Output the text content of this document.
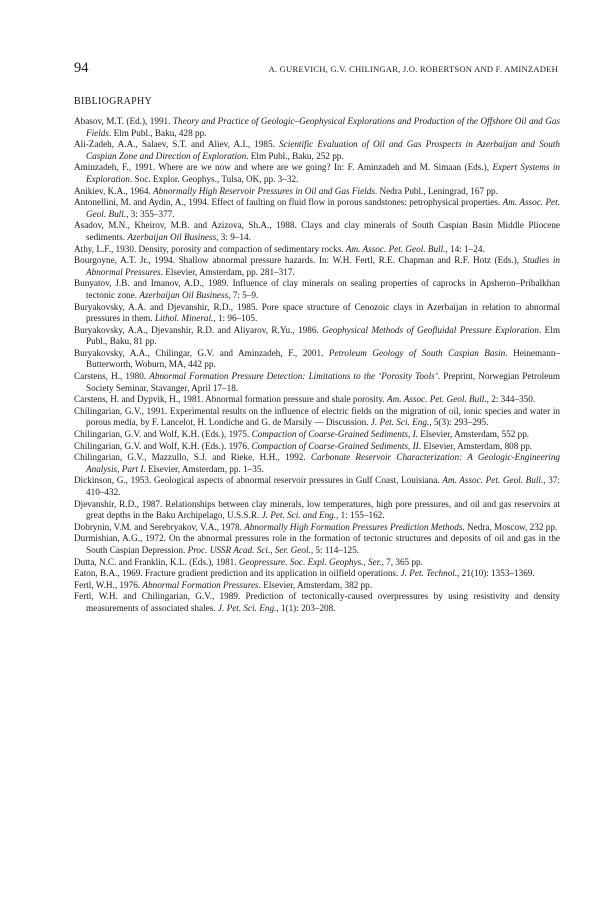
94	A. GUREVICH, G.V. CHILINGAR, J.O. ROBERTSON AND F. AMINZADEH
BIBLIOGRAPHY
Abasov, M.T. (Ed.), 1991. Theory and Practice of Geologic–Geophysical Explorations and Production of the Offshore Oil and Gas Fields. Elm Publ., Baku, 428 pp.
Ali-Zadeh, A.A., Salaev, S.T. and Aliev, A.I., 1985. Scientific Evaluation of Oil and Gas Prospects in Azerbaijan and South Caspian Zone and Direction of Exploration. Elm Publ., Baku, 252 pp.
Aminzadeh, F., 1991. Where are we now and where are we going? In: F. Aminzadeh and M. Simaan (Eds.), Expert Systems in Exploration. Soc. Explor. Geophys., Tulsa, OK, pp. 3–32.
Anikiev, K.A., 1964. Abnormally High Reservoir Pressures in Oil and Gas Fields. Nedra Publ., Leningrad, 167 pp.
Antonellini, M. and Aydin, A., 1994. Effect of faulting on fluid flow in porous sandstones: petrophysical properties. Am. Assoc. Pet. Geol. Bull., 3: 355–377.
Asadov, M.N., Kheirov, M.B. and Azizova, Sh.A., 1988. Clays and clay minerals of South Caspian Basin Middle Pliocene sediments. Azerbaijan Oil Business, 3: 9–14.
Athy, L.F., 1930. Density, porosity and compaction of sedimentary rocks. Am. Assoc. Pet. Geol. Bull., 14: 1–24.
Bourgoyne, A.T. Jr., 1994. Shallow abnormal pressure hazards. In: W.H. Fertl, R.E. Chapman and R.F. Hotz (Eds.), Studies in Abnormal Pressures. Elsevier, Amsterdam, pp. 281–317.
Bunyatov, J.B. and Imanov, A.D., 1989. Influence of clay minerals on sealing properties of caprocks in Apsheron–Pribalkhan tectonic zone. Azerbaijan Oil Business, 7: 5–9.
Buryakovsky, A.A. and Djevanshir, R.D., 1985. Pore space structure of Cenozoic clays in Azerbaijan in relation to abnormal pressures in them. Lithol. Mineral., 1: 96–105.
Buryakovsky, A.A., Djevanshir, R.D. and Aliyarov, R.Yu., 1986. Geophysical Methods of Geofluidal Pressure Exploration. Elm Publ., Baku, 81 pp.
Buryakovsky, A.A., Chilingar, G.V. and Aminzadeh, F., 2001. Petroleum Geology of South Caspian Basin. Heinemann–Butterworth, Woburn, MA, 442 pp.
Carstens, H., 1980. Abnormal Formation Pressure Detection: Limitations to the ‘Porosity Tools’. Preprint, Norwegian Petroleum Society Seminar, Stavanger, April 17–18.
Carstens, H. and Dypvik, H., 1981. Abnormal formation pressure and shale porosity. Am. Assoc. Pet. Geol. Bull., 2: 344–350.
Chilingarian, G.V., 1991. Experimental results on the influence of electric fields on the migration of oil, ionic species and water in porous media, by F. Lancelot, H. Londiche and G. de Marsily — Discussion. J. Pet. Sci. Eng., 5(3): 293–295.
Chilingarian, G.V. and Wolf, K.H. (Eds.), 1975. Compaction of Coarse-Grained Sediments, I. Elsevier, Amsterdam, 552 pp.
Chilingarian, G.V. and Wolf, K.H. (Eds.). 1976. Compaction of Coarse-Grained Sediments, II. Elsevier, Amsterdam, 808 pp.
Chilingarian, G.V., Mazzullo, S.J. and Rieke, H.H., 1992. Carbonate Reservoir Characterization: A Geologic-Engineering Analysis, Part I. Elsevier, Amsterdam, pp. 1–35.
Dickinson, G., 1953. Geological aspects of abnormal reservoir pressures in Gulf Coast, Louisiana. Am. Assoc. Pet. Geol. Bull., 37: 410–432.
Djevanshir, R.D., 1987. Relationships between clay minerals, low temperatures, high pore pressures, and oil and gas reservoirs at great depths in the Baku Archipelago, U.S.S.R. J. Pet. Sci. and Eng., 1: 155–162.
Dobrynin, V.M. and Serebryakov, V.A., 1978. Abnormally High Formation Pressures Prediction Methods. Nedra, Moscow, 232 pp.
Durmishian, A.G., 1972. On the abnormal pressures role in the formation of tectonic structures and deposits of oil and gas in the South Caspian Depression. Proc. USSR Acad. Sci., Ser. Geol., 5: 114–125.
Dutta, N.C. and Franklin, K.L. (Eds.), 1981. Geopressure. Soc. Expl. Geophys., Ser., 7, 365 pp.
Eaton, B.A., 1969. Fracture gradient prediction and its application in oilfield operations. J. Pet. Technol., 21(10): 1353–1369.
Fertl, W.H., 1976. Abnormal Formation Pressures. Elsevier, Amsterdam, 382 pp.
Fertl, W.H. and Chilingarian, G.V., 1989. Prediction of tectonically-caused overpressures by using resistivity and density measurements of associated shales. J. Pet. Sci. Eng., 1(1): 203–208.
